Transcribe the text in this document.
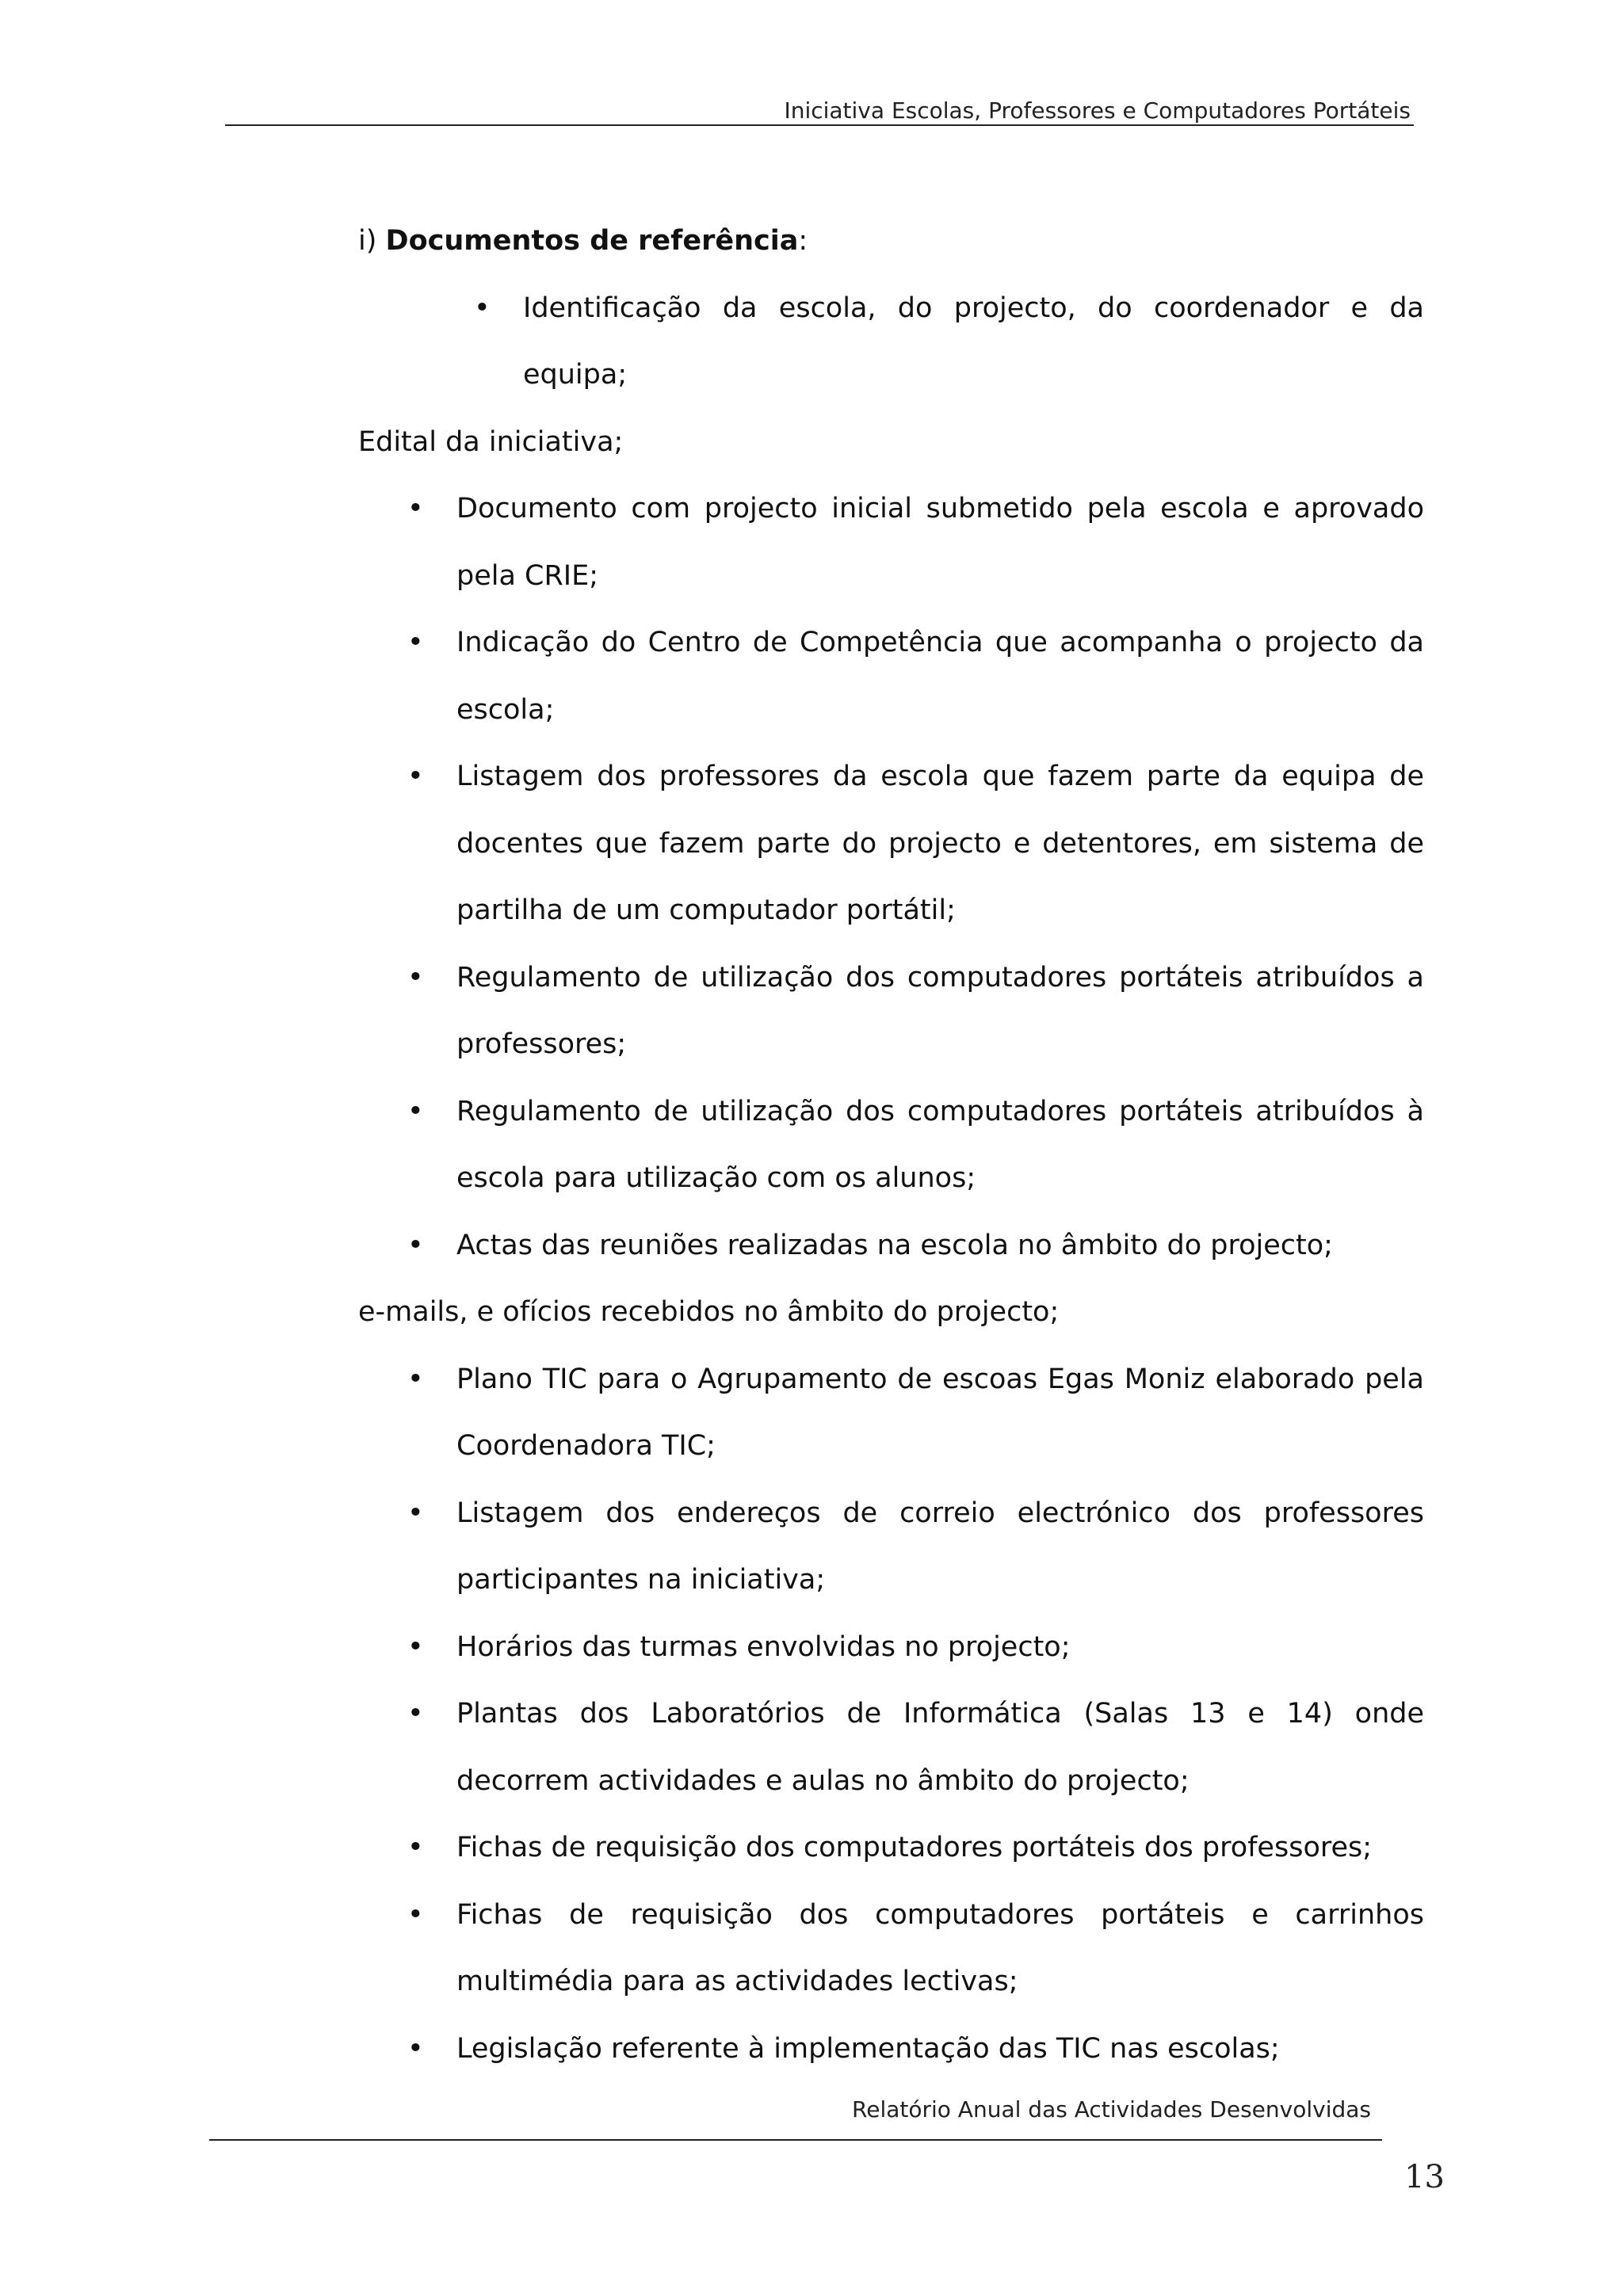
Iniciativa Escolas, Professores e Computadores Portáteis

i) Documentos de referência:

• Identificação da escola, do projecto, do coordenador e da equipa;

Edital da iniciativa;

• Documento com projecto inicial submetido pela escola e aprovado pela CRIE;
• Indicação do Centro de Competência que acompanha o projecto da escola;
• Listagem dos professores da escola que fazem parte da equipa de docentes que fazem parte do projecto e detentores, em sistema de partilha de um computador portátil;
• Regulamento de utilização dos computadores portáteis atribuídos a professores;
• Regulamento de utilização dos computadores portáteis atribuídos à escola para utilização com os alunos;
• Actas das reuniões realizadas na escola no âmbito do projecto;

e-mails, e ofícios recebidos no âmbito do projecto;

• Plano TIC para o Agrupamento de escoas Egas Moniz elaborado pela Coordenadora TIC;
• Listagem dos endereços de correio electrónico dos professores participantes na iniciativa;
• Horários das turmas envolvidas no projecto;
• Plantas dos Laboratórios de Informática (Salas 13 e 14) onde decorrem actividades e aulas no âmbito do projecto;
• Fichas de requisição dos computadores portáteis dos professores;
• Fichas de requisição dos computadores portáteis e carrinhos multimédia para as actividades lectivas;
• Legislação referente à implementação das TIC nas escolas;
Relatório Anual das Actividades Desenvolvidas
13
